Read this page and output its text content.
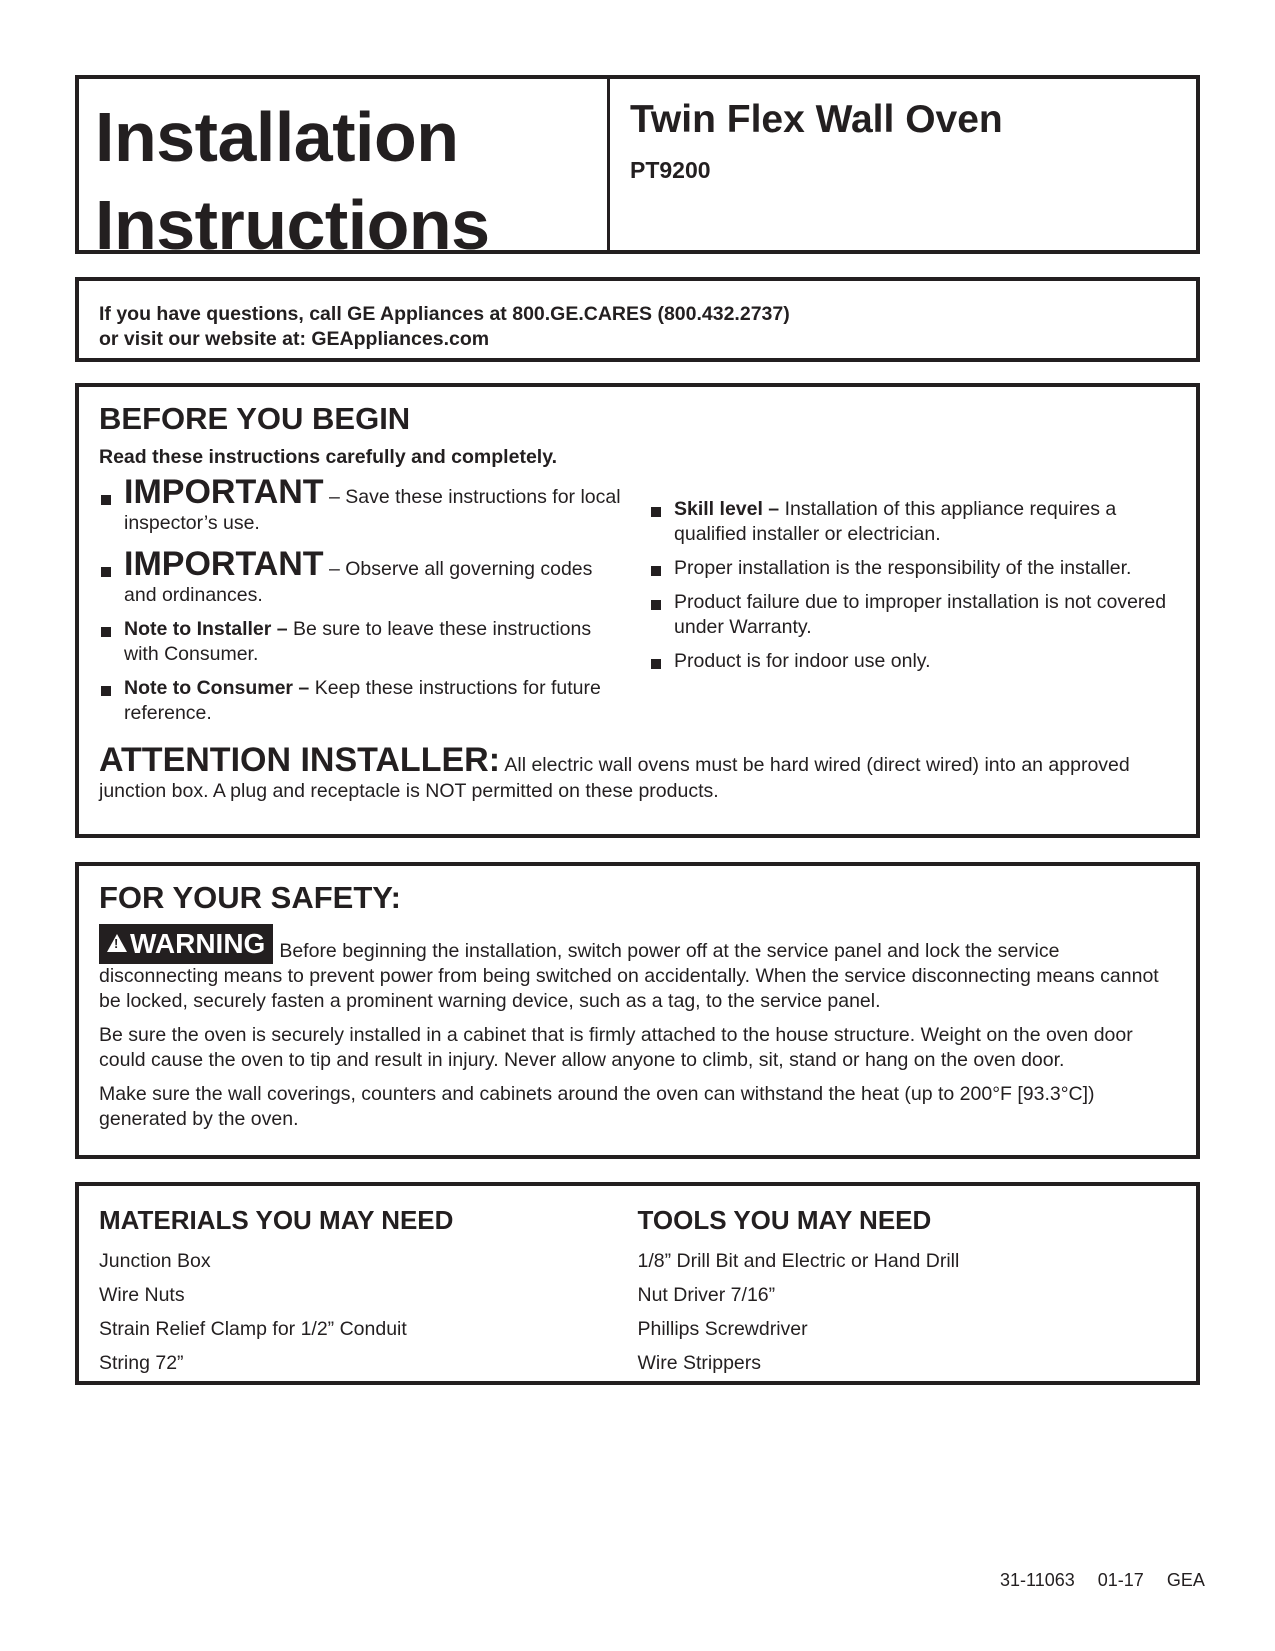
Installation
Instructions
Twin Flex Wall Oven
PT9200
If you have questions, call GE Appliances at 800.GE.CARES (800.432.2737)
or visit our website at: GEAppliances.com
BEFORE YOU BEGIN
Read these instructions carefully and completely.
IMPORTANT – Save these instructions for local inspector’s use.
IMPORTANT – Observe all governing codes and ordinances.
Note to Installer – Be sure to leave these instructions with Consumer.
Note to Consumer – Keep these instructions for future reference.
Skill level – Installation of this appliance requires a qualified installer or electrician.
Proper installation is the responsibility of the installer.
Product failure due to improper installation is not covered under Warranty.
Product is for indoor use only.
ATTENTION INSTALLER: All electric wall ovens must be hard wired (direct wired) into an approved junction box. A plug and receptacle is NOT permitted on these products.
FOR YOUR SAFETY:

!
WARNING Before beginning the installation, switch power off at the service panel and lock the service disconnecting means to prevent power from being switched on accidentally. When the service disconnecting means cannot be locked, securely fasten a prominent warning device, such as a tag, to the service panel.

Be sure the oven is securely installed in a cabinet that is firmly attached to the house structure. Weight on the oven door could cause the oven to tip and result in injury. Never allow anyone to climb, sit, stand or hang on the oven door.

Make sure the wall coverings, counters and cabinets around the oven can withstand the heat (up to 200°F [93.3°C]) generated by the oven.

MATERIALS YOU MAY NEED
Junction Box
Wire Nuts
Strain Relief Clamp for 1/2” Conduit
String 72”
TOOLS YOU MAY NEED
1/8” Drill Bit and Electric or Hand Drill
Nut Driver 7/16”
Phillips Screwdriver
Wire Strippers
31-11063 01-17 GEA
